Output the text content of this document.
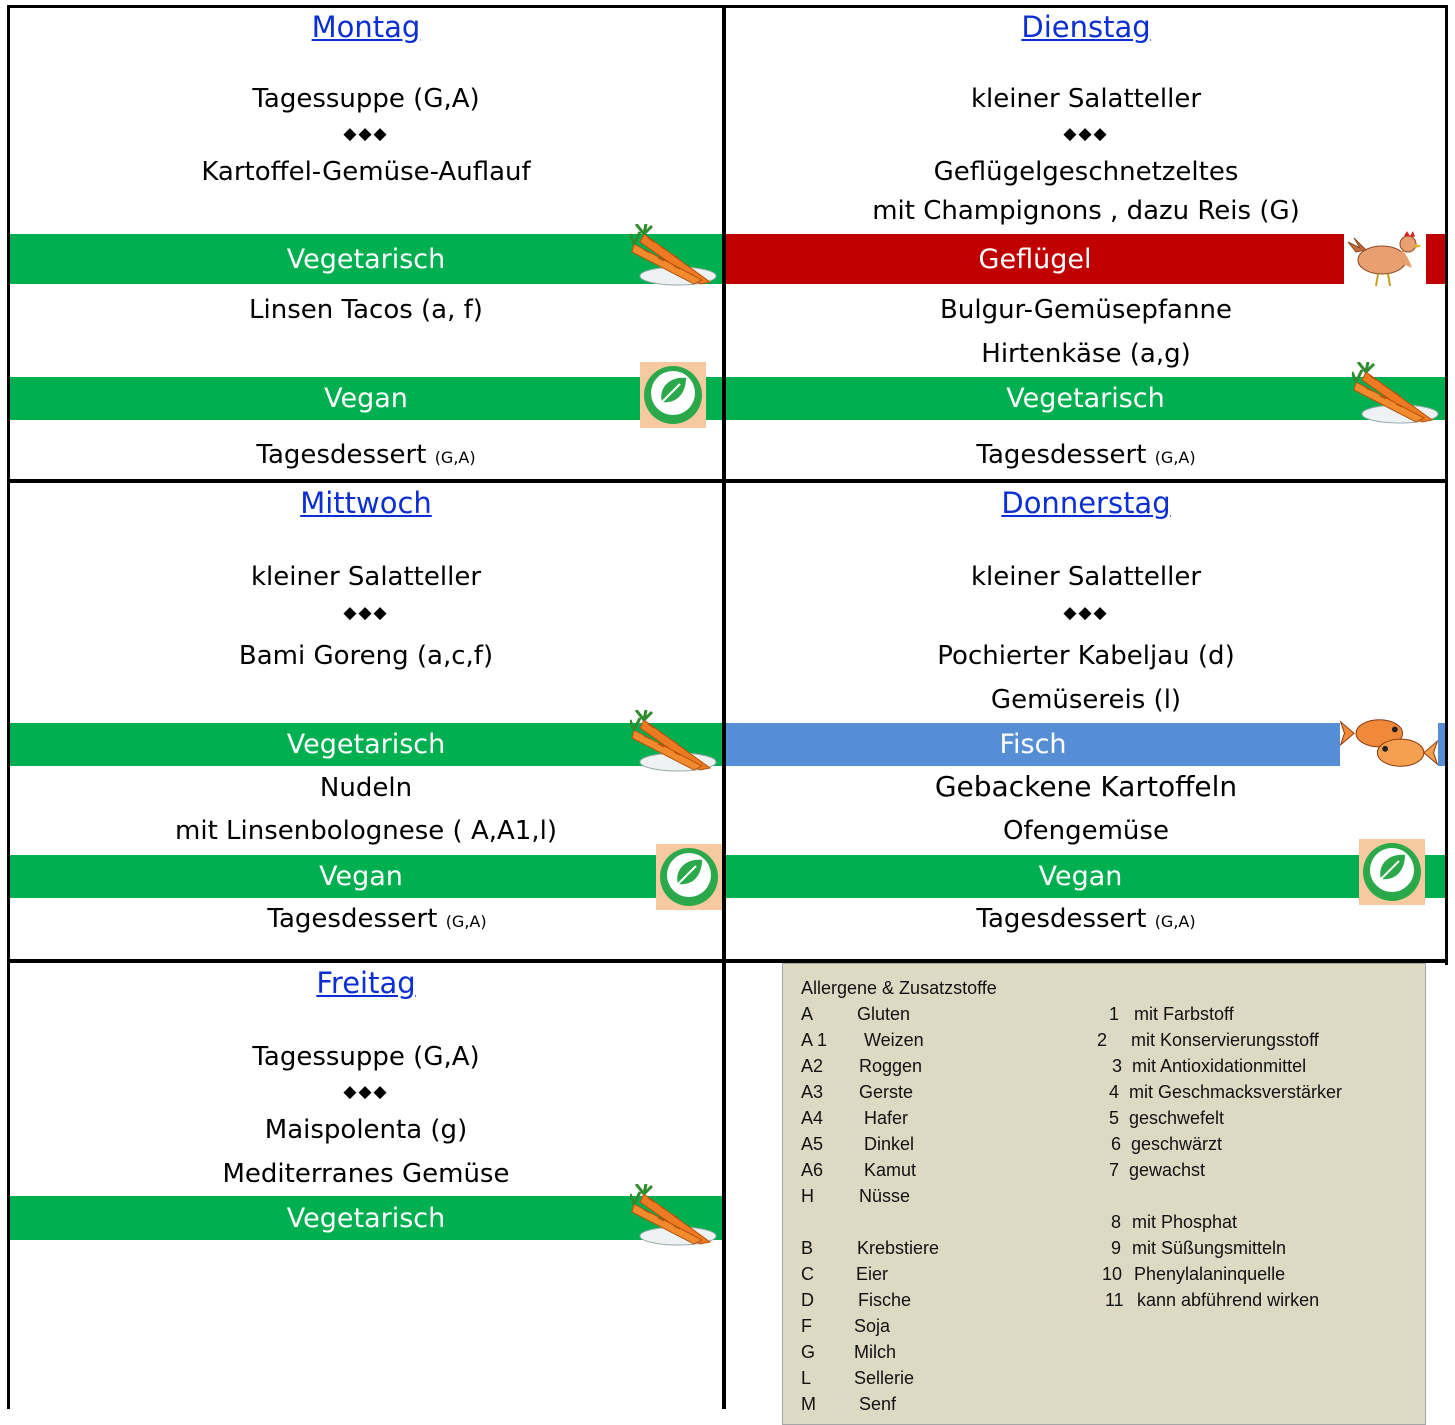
Montag
Tagessuppe (G,A)
◆◆◆
Kartoffel-Gemüse-Auflauf
Vegetarisch
Linsen Tacos (a, f)
Vegan
Tagesdessert (G,A)
Dienstag
kleiner Salatteller
◆◆◆
Geflügelgeschnetzeltes
mit Champignons , dazu Reis (G)
Geflügel
Bulgur-Gemüsepfanne
Hirtenkäse (a,g)
Vegetarisch
Tagesdessert (G,A)
Mittwoch
kleiner Salatteller
◆◆◆
Bami Goreng (a,c,f)
Vegetarisch
Nudeln
mit Linsenbolognese ( A,A1,l)
Vegan
Tagesdessert (G,A)
Donnerstag
kleiner Salatteller
◆◆◆
Pochierter Kabeljau (d)
Gemüsereis (l)
Fisch
Gebackene Kartoffeln
Ofengemüse
Vegan
Tagesdessert (G,A)
Freitag
Tagessuppe (G,A)
◆◆◆
Maispolenta (g)
Mediterranes Gemüse
Vegetarisch
Allergene & Zusatzstoffe
A Gluten
A 1 Weizen
A2 Roggen
A3 Gerste
A4 Hafer
A5 Dinkel
A6 Kamut
H	Nüsse
B Krebstiere
C Eier
D Fische
F Soja
G Milch
L Sellerie
M Senf
1 mit Farbstoff
2 mit Konservierungsstoff
3 mit Antioxidationmittel
4 mit Geschmacksverstärker
5 geschwefelt
6 geschwärzt
7 gewachst
8 mit Phosphat
9 mit Süßungsmitteln
10 Phenylalaninquelle
11 kann abführend wirken
